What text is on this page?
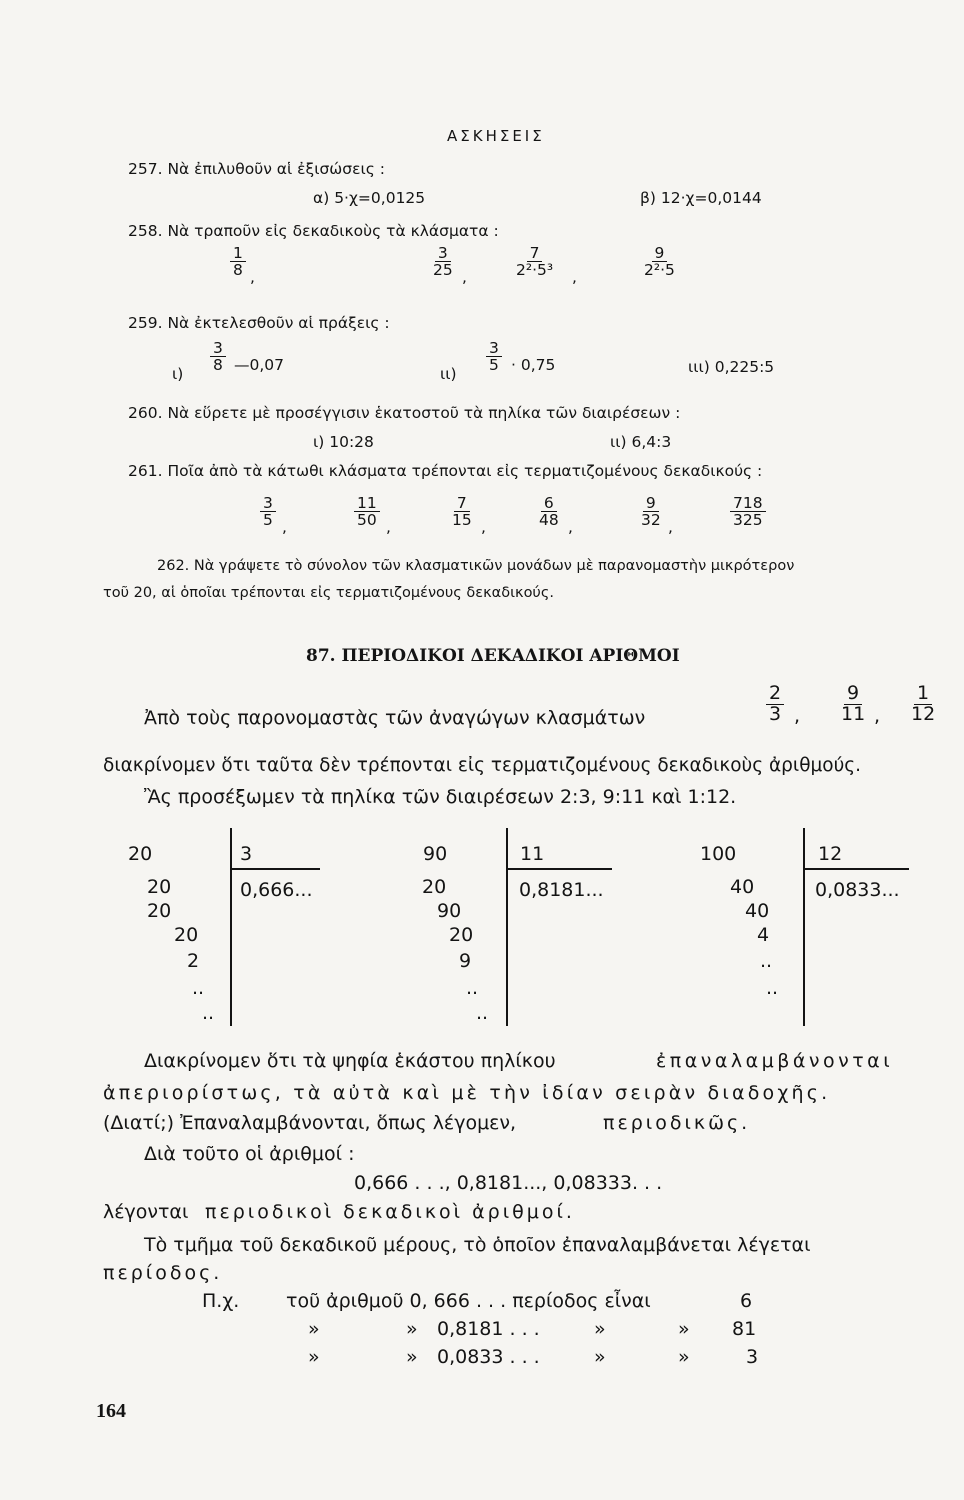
ΑΣΚΗΣΕΙΣ
257. Νὰ ἐπιλυθοῦν αἱ ἐξισώσεις :
α) 5·χ=0,0125	β) 12·χ=0,0144
258. Νὰ τραποῦν εἰς δεκαδικοὺς τὰ κλάσματα :
$\frac{1}{8}$ ,	$\frac{3}{25}$ ,	$\frac{7}{\text{2²·5³}}$ ,	$\frac{9}{\text{2²·5}}$
259. Νὰ ἐκτελεσθοῦν αἱ πράξεις :
ι)
$\frac{3}{8}$ —0,07	ιι)
$\frac{3}{5} \cdot 0,75$	ιιι) 0,225:5
260. Νὰ εὕρετε μὲ προσέγγισιν ἑκατοστοῦ τὰ πηλίκα τῶν διαιρέσεων :
ι) 10:28	ιι) 6,4:3
261. Ποῖα ἀπὸ τὰ κάτωθι κλάσματα τρέπονται εἰς τερματιζομένους δεκαδικούς :
$\frac{3}{5}$ ,	$\frac{11}{50}$ ,	$\frac{7}{15}$ ,	$\frac{6}{48}$ ,	$\frac{9}{32}$ ,	$\frac{718}{325}$
262. Νὰ γράψετε τὸ σύνολον τῶν κλασματικῶν μονάδων μὲ παρανομαστὴν μικρότερον
τοῦ 20, αἱ ὁποῖαι τρέπονται εἰς τερματιζομένους δεκαδικούς.
87. ΠΕΡΙΟΔΙΚΟΙ ΔΕΚΑΔΙΚΟΙ ΑΡΙΘΜΟΙ
Ἀπὸ τοὺς παρονομαστὰς τῶν ἀναγώγων κλασμάτων	$\frac{2}{3}$ , $\frac{9}{11}$ , $\frac{1}{12}$
διακρίνομεν ὅτι ταῦτα δὲν τρέπονται εἰς τερματιζομένους δεκαδικοὺς ἀριθμούς.
Ἂς προσέξωμεν τὰ πηλίκα τῶν διαιρέσεων 2:3, 9:11 καὶ 1:12.
20	3
0,666...
20
20
20
2
..
..
90	11
0,8181...
20
90
20
9
..
..
100	12
0,0833...
40
40
4
..
..
Διακρίνομεν ὅτι τὰ ψηφία ἑκάστου πηλίκου	ἐπαναλαμβάνονται
ἀπεριορίστως, τὰ αὐτὰ καὶ μὲ τὴν ἰδίαν σειρὰν διαδοχῆς.
(Διατί;) Ἐπαναλαμβάνονται, ὅπως λέγομεν,	περιοδικῶς.
Διὰ τοῦτο οἱ ἀριθμοί :
0,666 . . ., 0,8181..., 0,08333. . .
λέγονται περιοδικοὶ δεκαδικοὶ ἀριθμοί.
Τὸ τμῆμα τοῦ δεκαδικοῦ μέρους, τὸ ὁποῖον ἐπαναλαμβάνεται λέγεται
περίοδος.
Π.χ. τοῦ ἀριθμοῦ 0, 666 . . . περίοδος εἶναι	6
»	» 0,8181 . . .	»	» 81
»	» 0,0833 . . .	»	»	3
164
